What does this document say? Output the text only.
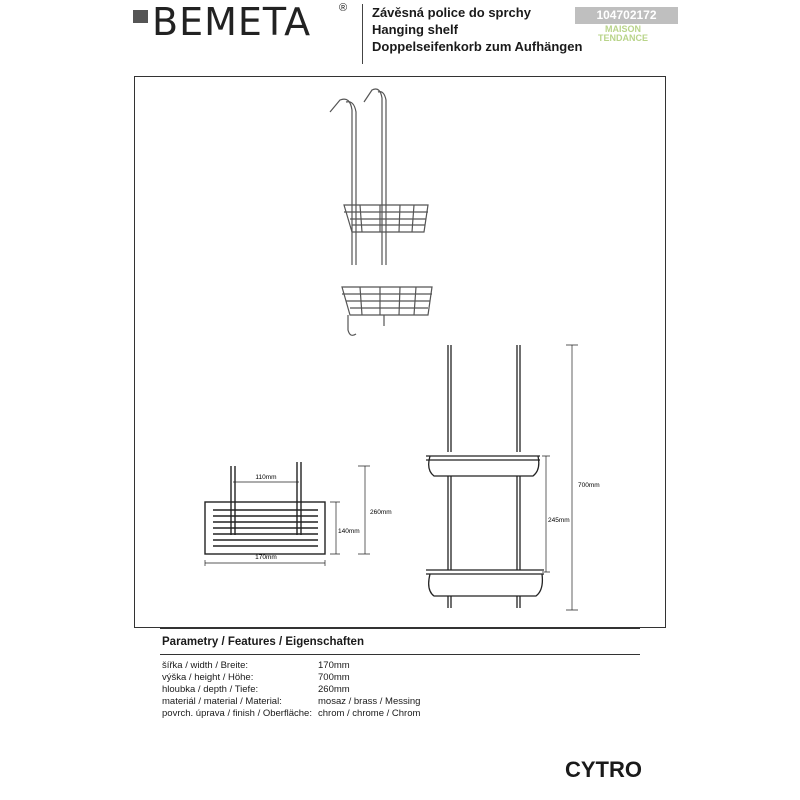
BEMETA	® Závěsná police do sprchy
Hanging shelf
Doppelseifenkorb zum Aufhängen
104702172
MAISON
TENDANCE
110mm
170mm
140mm
260mm
245mm
700mm
Parametry / Features / Eigenschaften
šířka / width / Breite:	170mm
výška / height / Höhe:	700mm
hloubka / depth / Tiefe:	260mm
materiál / material / Material:	mosaz / brass / Messing
povrch. úprava / finish / Oberfläche: chrom / chrome / Chrom
CYTRO
